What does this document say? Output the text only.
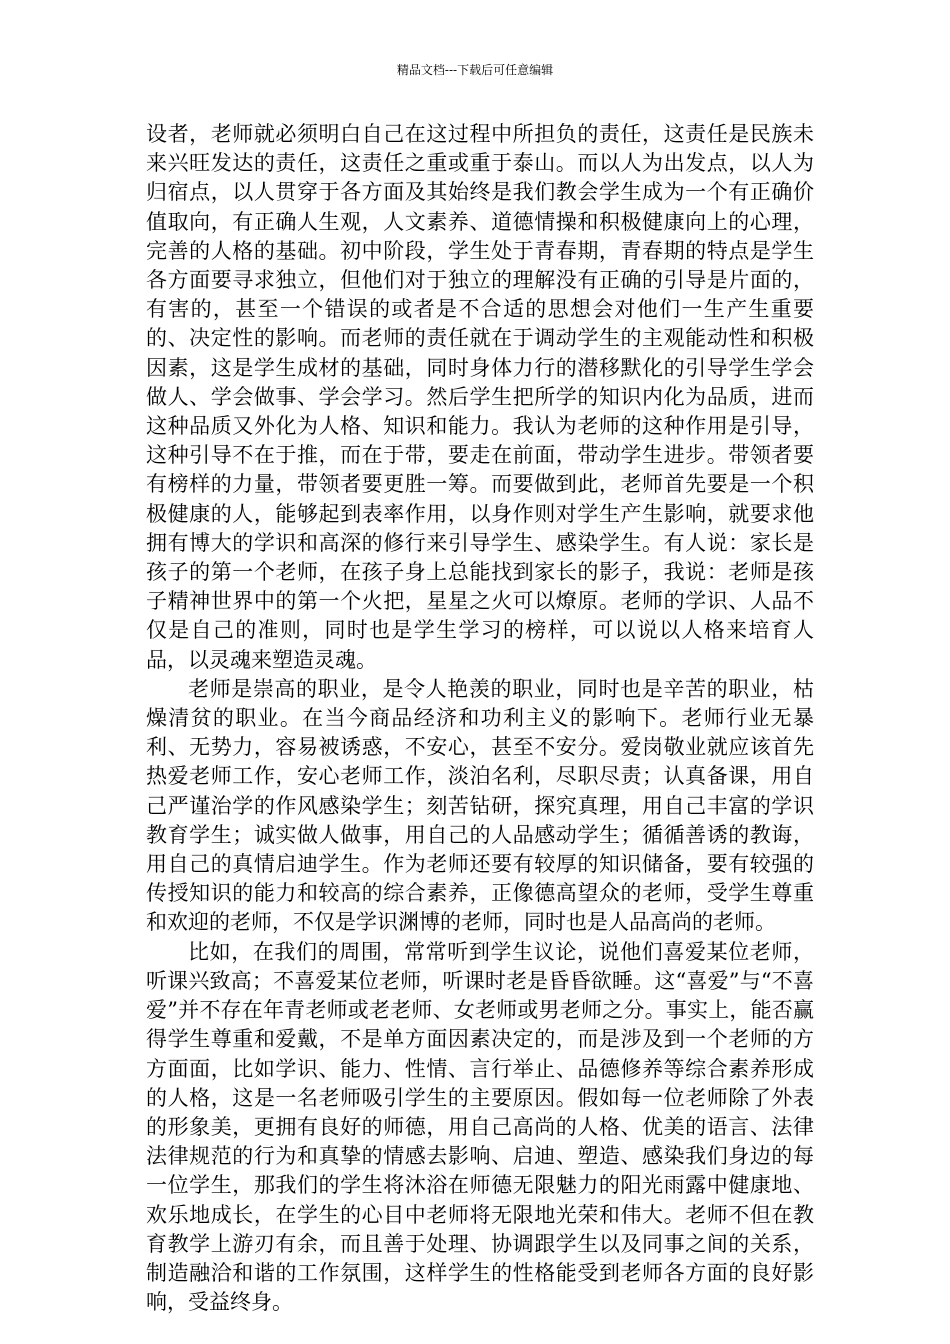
精品文档---下载后可任意编辑

设者，老师就必须明白自己在这过程中所担负的责任，这责任是民族未来兴旺发达的责任，这责任之重或重于泰山。而以人为出发点，以人为归宿点，以人贯穿于各方面及其始终是我们教会学生成为一个有正确价值取向，有正确人生观，人文素养、道德情操和积极健康向上的心理，完善的人格的基础。初中阶段，学生处于青春期，青春期的特点是学生各方面要寻求独立，但他们对于独立的理解没有正确的引导是片面的，有害的，甚至一个错误的或者是不合适的思想会对他们一生产生重要的、决定性的影响。而老师的责任就在于调动学生的主观能动性和积极因素，这是学生成材的基础，同时身体力行的潜移默化的引导学生学会做人、学会做事、学会学习。然后学生把所学的知识内化为品质，进而这种品质又外化为人格、知识和能力。我认为老师的这种作用是引导，这种引导不在于推，而在于带，要走在前面，带动学生进步。带领者要有榜样的力量，带领者要更胜一筹。而要做到此，老师首先要是一个积极健康的人，能够起到表率作用，以身作则对学生产生影响，就要求他拥有博大的学识和高深的修行来引导学生、感染学生。有人说：家长是孩子的第一个老师，在孩子身上总能找到家长的影子，我说：老师是孩子精神世界中的第一个火把，星星之火可以燎原。老师的学识、人品不仅是自己的准则，同时也是学生学习的榜样，可以说以人格来培育人品，以灵魂来塑造灵魂。

老师是崇高的职业，是令人艳羡的职业，同时也是辛苦的职业，枯燥清贫的职业。在当今商品经济和功利主义的影响下。老师行业无暴利、无势力，容易被诱惑，不安心，甚至不安分。爱岗敬业就应该首先热爱老师工作，安心老师工作，淡泊名利，尽职尽责；认真备课，用自己严谨治学的作风感染学生；刻苦钻研，探究真理，用自己丰富的学识教育学生；诚实做人做事，用自己的人品感动学生；循循善诱的教诲，用自己的真情启迪学生。作为老师还要有较厚的知识储备，要有较强的传授知识的能力和较高的综合素养，正像德高望众的老师，受学生尊重和欢迎的老师，不仅是学识渊博的老师，同时也是人品高尚的老师。

比如，在我们的周围，常常听到学生议论，说他们喜爱某位老师，听课兴致高；不喜爱某位老师，听课时老是昏昏欲睡。这“喜爱”与“不喜爱”并不存在年青老师或老老师、女老师或男老师之分。事实上，能否赢得学生尊重和爱戴，不是单方面因素决定的，而是涉及到一个老师的方方面面，比如学识、能力、性情、言行举止、品德修养等综合素养形成的人格，这是一名老师吸引学生的主要原因。假如每一位老师除了外表的形象美，更拥有良好的师德，用自己高尚的人格、优美的语言、法律法律规范的行为和真挚的情感去影响、启迪、塑造、感染我们身边的每一位学生，那我们的学生将沐浴在师德无限魅力的阳光雨露中健康地、欢乐地成长，在学生的心目中老师将无限地光荣和伟大。老师不但在教育教学上游刃有余，而且善于处理、协调跟学生以及同事之间的关系，制造融洽和谐的工作氛围，这样学生的性格能受到老师各方面的良好影响，受益终身。
